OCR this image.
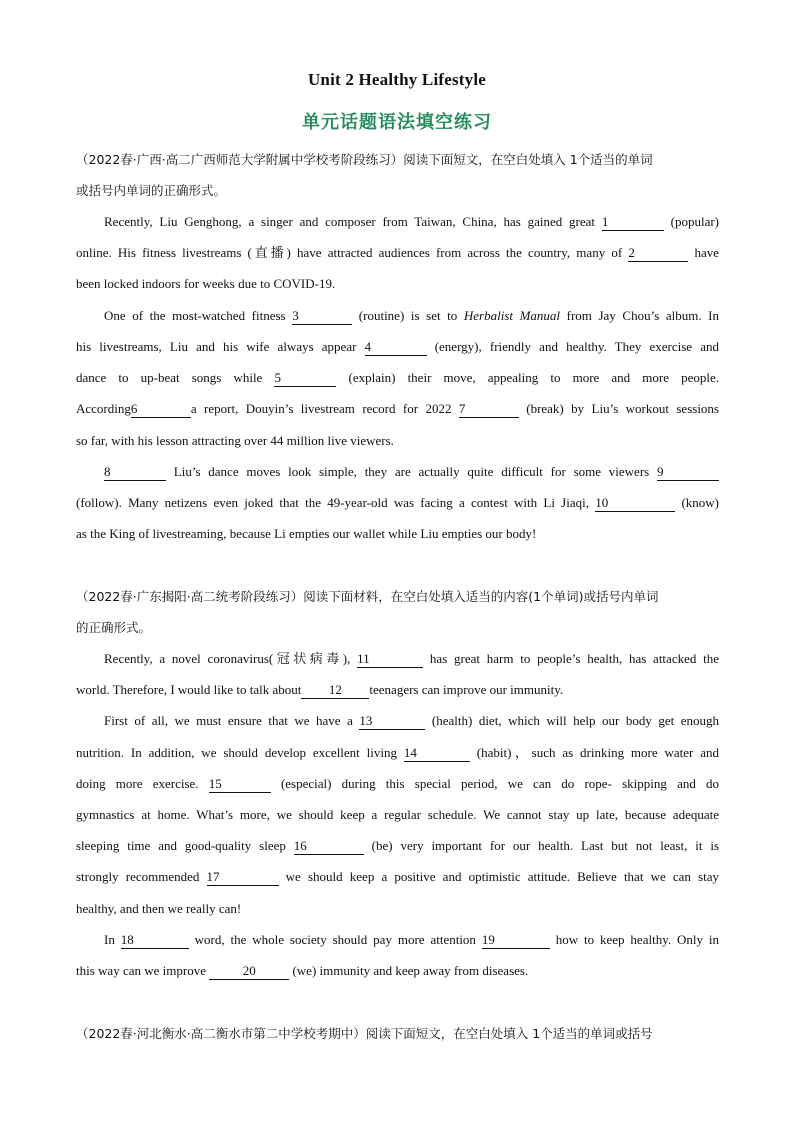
Unit 2 Healthy Lifestyle
单元话题语法填空练习
（2022春·广西·高二广西师范大学附属中学校考阶段练习）阅读下面短文，在空白处填入 1个适当的单词
或括号内单词的正确形式。
Recently, Liu Genghong, a singer and composer from Taiwan, China, has gained great 1	(popular)
online. His fitness livestreams (直播) have attracted audiences from across the country, many of 2	have
been locked indoors for weeks due to COVID-19.
One of the most-watched fitness 3	(routine) is set to Herbalist Manual from Jay Chou’s album. In
his livestreams, Liu and his wife always appear 4	(energy), friendly and healthy. They exercise and
dance to up-beat songs while 5	(explain) their move, appealing to more and more people.
According6	a report, Douyin’s livestream record for 2022 7	(break) by Liu’s workout sessions
so far, with his lesson attracting over 44 million live viewers.
8	Liu’s dance moves look simple, they are actually quite difficult for some viewers 9
(follow). Many netizens even joked that the 49-year-old was facing a contest with Li Jiaqi, 10	(know)
as the King of livestreaming, because Li empties our wallet while Liu empties our body!
（2022春·广东揭阳·高二统考阶段练习）阅读下面材料，在空白处填入适当的内容(1个单词)或括号内单词
的正确形式。
Recently, a novel coronavirus(冠状病毒), 11	has great harm to people’s health, has attacked the
world. Therefore, I would like to talk about 12 teenagers can improve our immunity.
First of all, we must ensure that we have a 13	(health) diet, which will help our body get enough
nutrition. In addition, we should develop excellent living 14	(habit)，such as drinking more water and
doing more exercise. 15	(especial) during this special period, we can do rope- skipping and do
gymnastics at home. What’s more, we should keep a regular schedule. We cannot stay up late, because adequate
sleeping time and good-quality sleep 16	(be) very important for our health. Last but not least, it is
strongly recommended 17	we should keep a positive and optimistic attitude. Believe that we can stay
healthy, and then we really can!
In 18	word, the whole society should pay more attention 19	how to keep healthy. Only in
this way can we improve	20	(we) immunity and keep away from diseases.
（2022春·河北衡水·高二衡水市第二中学校考期中）阅读下面短文，在空白处填入 1个适当的单词或括号
